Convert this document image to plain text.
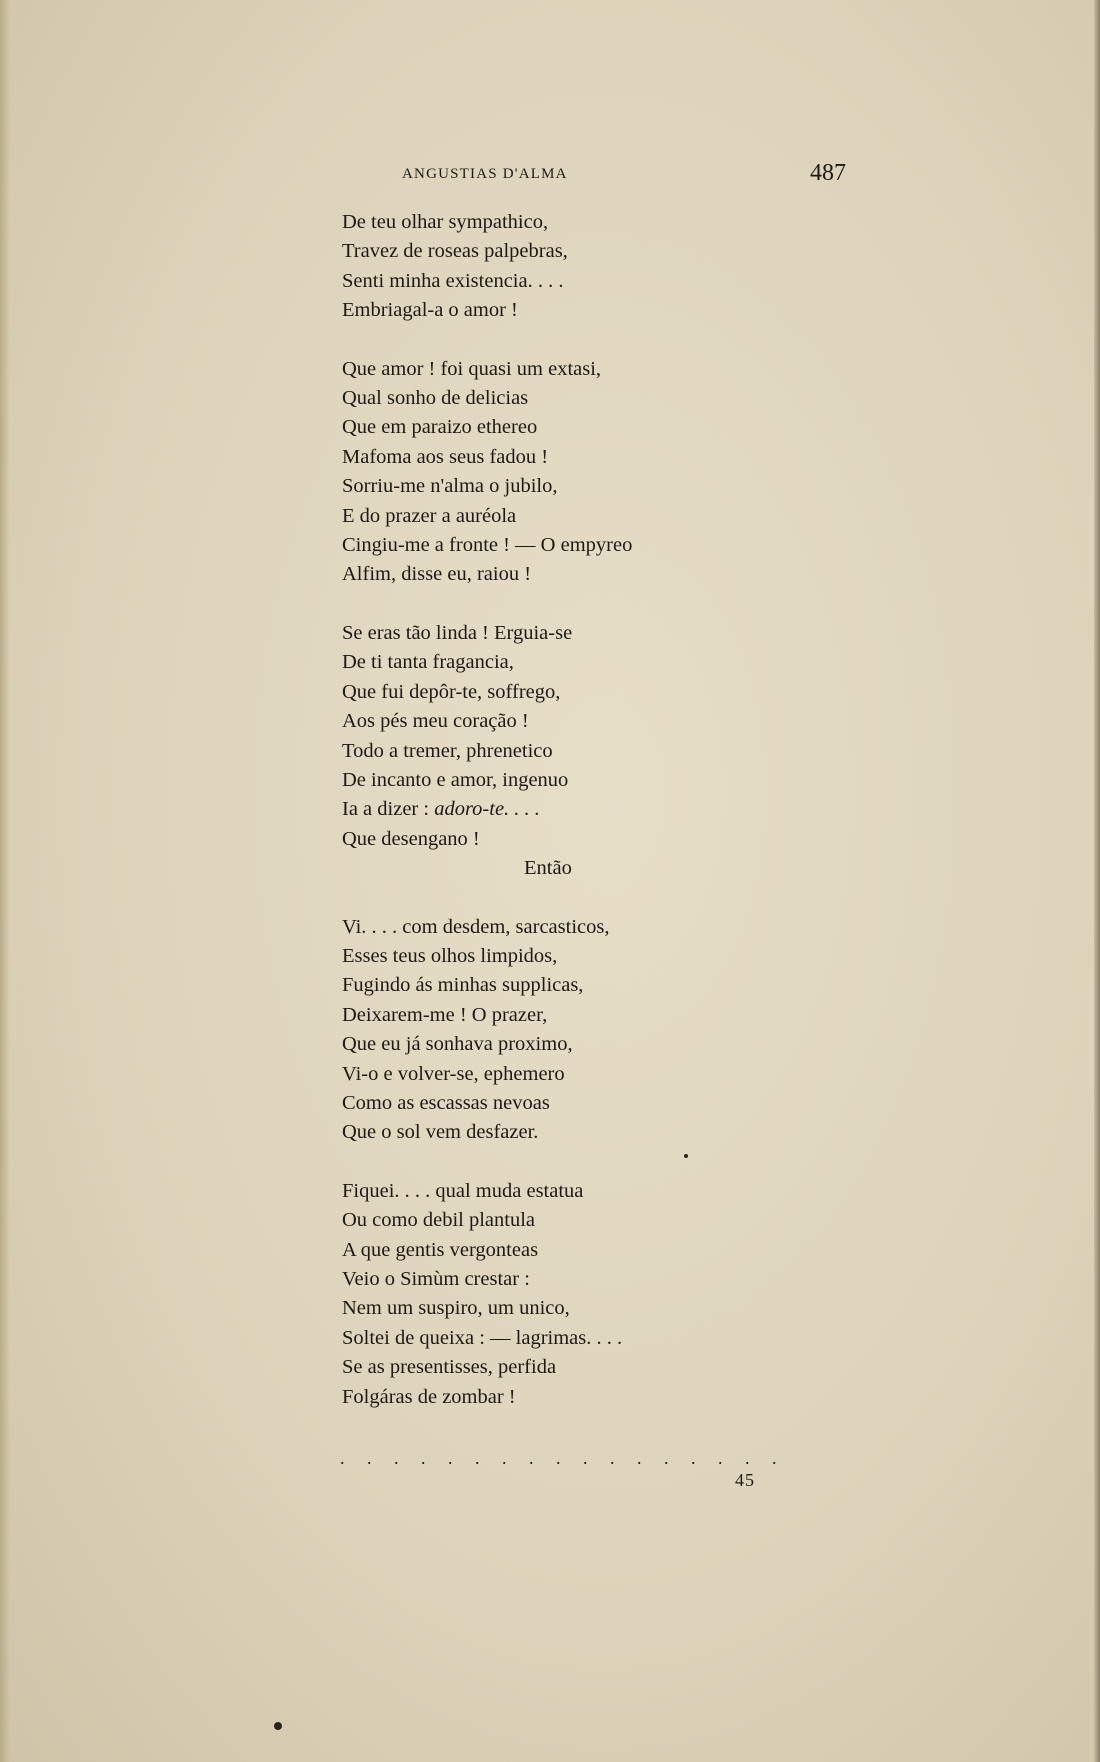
ANGUSTIAS D'ALMA	487
De teu olhar sympathico,
Travez de roseas palpebras,
Senti minha existencia. . . .
Embriagal-a o amor !
Que amor ! foi quasi um extasi,
Qual sonho de delicias
Que em paraizo ethereo
Mafoma aos seus fadou !
Sorriu-me n'alma o jubilo,
E do prazer a auréola
Cingiu-me a fronte ! — O empyreo
Alfim, disse eu, raiou !
Se eras tão linda ! Erguia-se
De ti tanta fragancia,
Que fui depôr-te, soffrego,
Aos pés meu coração !
Todo a tremer, phrenetico
De incanto e amor, ingenuo
Ia a dizer : adoro-te. . . .
Que desengano !
Então
Vi. . . . com desdem, sarcasticos,
Esses teus olhos limpidos,
Fugindo ás minhas supplicas,
Deixarem-me ! O prazer,
Que eu já sonhava proximo,
Vi-o e volver-se, ephemero
Como as escassas nevoas
Que o sol vem desfazer.
Fiquei. . . . qual muda estatua
Ou como debil plantula
A que gentis vergonteas
Veio o Simùm crestar :
Nem um suspiro, um unico,
Soltei de queixa : — lagrimas. . . .
Se as presentisses, perfida
Folgáras de zombar !
. . . . . . . . . . . . . . . . .
45
